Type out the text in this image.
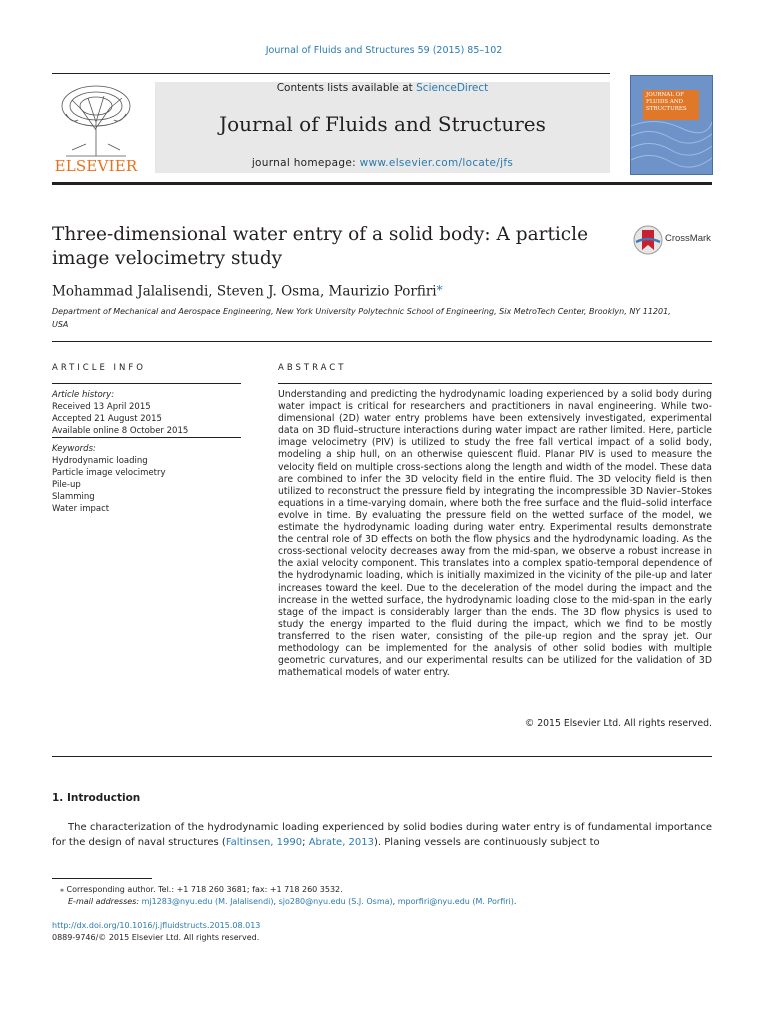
Journal of Fluids and Structures 59 (2015) 85–102
ELSEVIER
Contents lists available at ScienceDirect
Journal of Fluids and Structures
journal homepage: www.elsevier.com/locate/jfs
JOURNAL OF FLUIDS AND STRUCTURES
Three-dimensional water entry of a solid body: A particle image velocimetry study
CrossMark
Mohammad Jalalisendi, Steven J. Osma, Maurizio Porfiri⁎
Department of Mechanical and Aerospace Engineering, New York University Polytechnic School of Engineering, Six MetroTech Center, Brooklyn, NY 11201, USA
ARTICLE INFO	ABSTRACT
Article history:
Received 13 April 2015
Accepted 21 August 2015
Available online 8 October 2015
Keywords:
Hydrodynamic loading
Particle image velocimetry
Pile-up
Slamming
Water impact
Understanding and predicting the hydrodynamic loading experienced by a solid body during water impact is critical for researchers and practitioners in naval engineering. While two-dimensional (2D) water entry problems have been extensively investigated, experimental data on 3D fluid–structure interactions during water impact are rather limited. Here, particle image velocimetry (PIV) is utilized to study the free fall vertical impact of a solid body, modeling a ship hull, on an otherwise quiescent fluid. Planar PIV is used to measure the velocity field on multiple cross-sections along the length and width of the model. These data are combined to infer the 3D velocity field in the entire fluid. The 3D velocity field is then utilized to reconstruct the pressure field by integrating the incompressible 3D Navier–Stokes equations in a time-varying domain, where both the free surface and the fluid–solid interface evolve in time. By evaluating the pressure field on the wetted surface of the model, we estimate the hydrodynamic loading during water entry. Experimental results demonstrate the central role of 3D effects on both the flow physics and the hydrodynamic loading. As the cross-sectional velocity decreases away from the mid-span, we observe a robust increase in the axial velocity component. This translates into a complex spatio-temporal dependence of the hydrodynamic loading, which is initially maximized in the vicinity of the pile-up and later increases toward the keel. Due to the deceleration of the model during the impact and the increase in the wetted surface, the hydrodynamic loading close to the mid-span in the early stage of the impact is considerably larger than the ends. The 3D flow physics is used to study the energy imparted to the fluid during the impact, which we find to be mostly transferred to the risen water, consisting of the pile-up region and the spray jet. Our methodology can be implemented for the analysis of other solid bodies with multiple geometric curvatures, and our experimental results can be utilized for the validation of 3D mathematical models of water entry.
© 2015 Elsevier Ltd. All rights reserved.
1. Introduction
The characterization of the hydrodynamic loading experienced by solid bodies during water entry is of fundamental importance for the design of naval structures (Faltinsen, 1990; Abrate, 2013). Planing vessels are continuously subject to
⁎ Corresponding author. Tel.: +1 718 260 3681; fax: +1 718 260 3532.
E-mail addresses: mj1283@nyu.edu (M. Jalalisendi), sjo280@nyu.edu (S.J. Osma), mporfiri@nyu.edu (M. Porfiri).
http://dx.doi.org/10.1016/j.jfluidstructs.2015.08.013
0889-9746/© 2015 Elsevier Ltd. All rights reserved.
